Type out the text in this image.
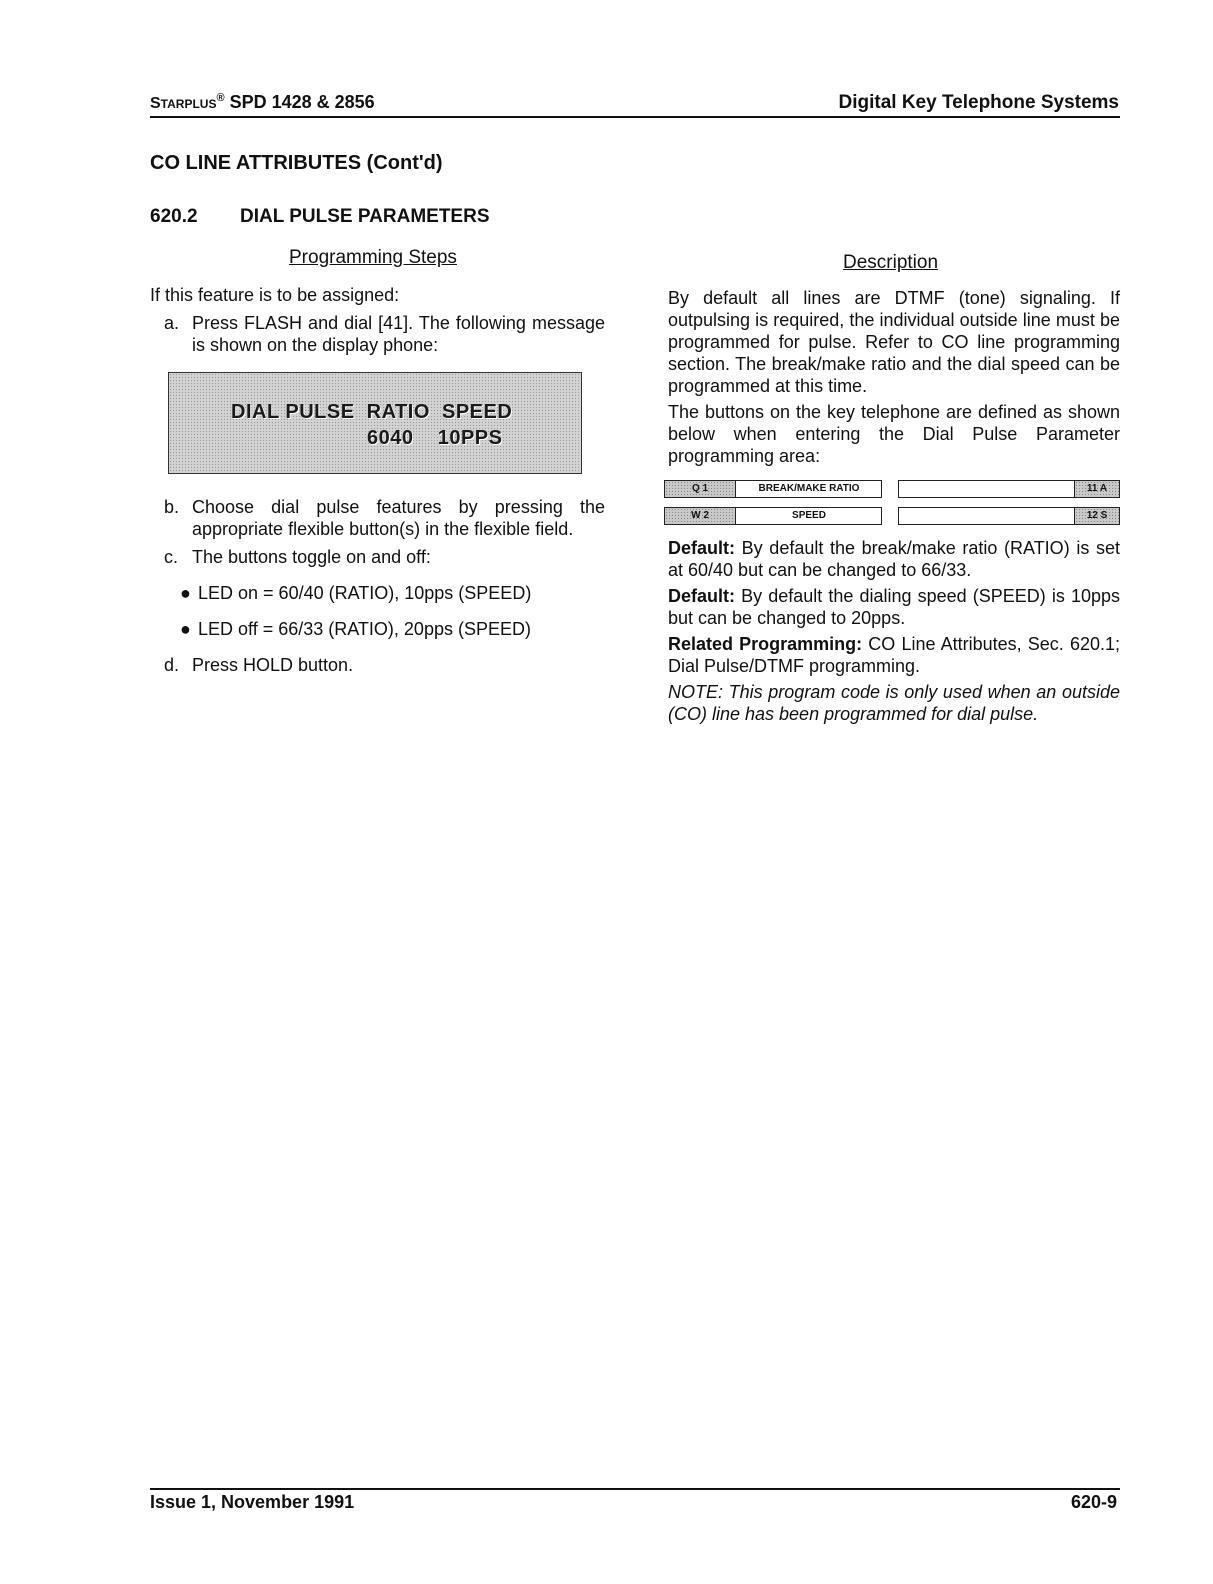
STARPLUS® SPD 1428 & 2856	Digital Key Telephone Systems
CO LINE ATTRIBUTES (Cont'd)
620.2 DIAL PULSE PARAMETERS
Programming Steps
If this feature is to be assigned:
a. Press FLASH and dial [41]. The following message is shown on the display phone:
DIAL PULSE  RATIO  SPEED
6040    10PPS
b. Choose dial pulse features by pressing the appropriate flexible button(s) in the flexible field.
c. The buttons toggle on and off:
● LED on = 60/40 (RATIO), 10pps (SPEED)
● LED off = 66/33 (RATIO), 20pps (SPEED)
d. Press HOLD button.
Description
By default all lines are DTMF (tone) signaling. If outpulsing is required, the individual outside line must be programmed for pulse. Refer to CO line programming section. The break/make ratio and the dial speed can be programmed at this time.
The buttons on the key telephone are defined as shown below when entering the Dial Pulse Parameter programming area:
Q 1	BREAK/MAKE RATIO	11 A
W 2	SPEED	12 S
Default: By default the break/make ratio (RATIO) is set at 60/40 but can be changed to 66/33.
Default: By default the dialing speed (SPEED) is 10pps but can be changed to 20pps.
Related Programming: CO Line Attributes, Sec. 620.1; Dial Pulse/DTMF programming.
NOTE: This program code is only used when an outside (CO) line has been programmed for dial pulse.
Issue 1, November 1991	620-9
